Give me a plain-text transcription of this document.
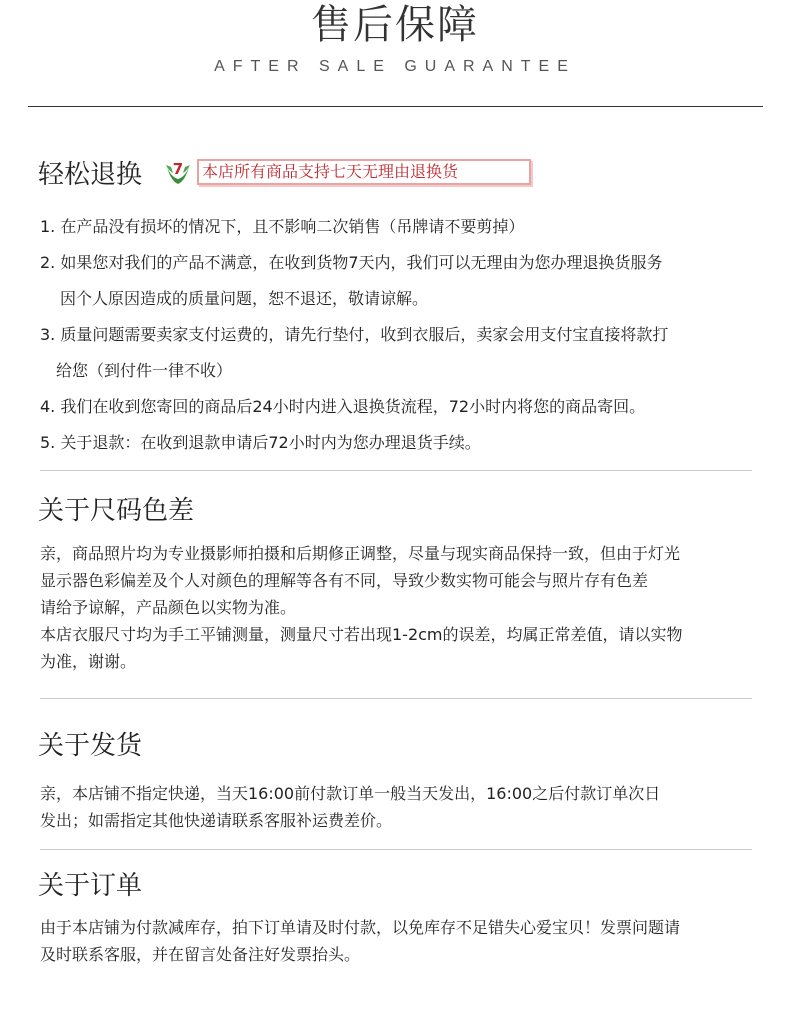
售后保障
AFTER SALE GUARANTEE
轻松退换 7	本店所有商品支持七天无理由退换货
1. 在产品没有损坏的情况下，且不影响二次销售（吊牌请不要剪掉）
2. 如果您对我们的产品不满意，在收到货物7天内，我们可以无理由为您办理退换货服务
因个人原因造成的质量问题，恕不退还，敬请谅解。
3. 质量问题需要卖家支付运费的，请先行垫付，收到衣服后，卖家会用支付宝直接将款打
给您（到付件一律不收）
4. 我们在收到您寄回的商品后24小时内进入退换货流程，72小时内将您的商品寄回。
5. 关于退款：在收到退款申请后72小时内为您办理退货手续。
关于尺码色差
亲，商品照片均为专业摄影师拍摄和后期修正调整，尽量与现实商品保持一致，但由于灯光
显示器色彩偏差及个人对颜色的理解等各有不同，导致少数实物可能会与照片存有色差
请给予谅解，产品颜色以实物为准。
本店衣服尺寸均为手工平铺测量，测量尺寸若出现1-2cm的误差，均属正常差值，请以实物
为准，谢谢。
关于发货
亲，本店铺不指定快递，当天16:00前付款订单一般当天发出，16:00之后付款订单次日
发出；如需指定其他快递请联系客服补运费差价。
关于订单
由于本店铺为付款减库存，拍下订单请及时付款，以免库存不足错失心爱宝贝！发票问题请
及时联系客服，并在留言处备注好发票抬头。
